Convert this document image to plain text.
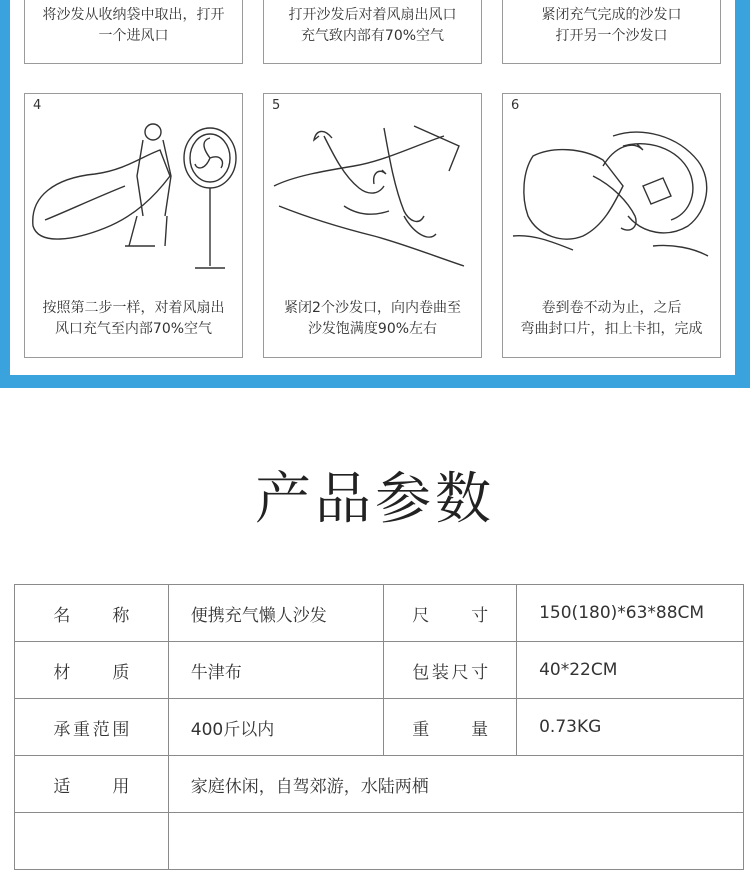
将沙发从收纳袋中取出，打开
一个进风口
打开沙发后对着风扇出风口
充气致内部有70%空气
紧闭充气完成的沙发口
打开另一个沙发口
4
按照第二步一样，对着风扇出
风口充气至内部70%空气
5
紧闭2个沙发口，向内卷曲至
沙发饱满度90%左右
6
卷到卷不动为止，之后
弯曲封口片，扣上卡扣，完成
产品参数
名　称	便携充气懒人沙发	尺　寸	150(180)*63*88CM
材　质	牛津布	包装尺寸	40*22CM
承重范围	400斤以内	重　量	0.73KG
适　用	家庭休闲，自驾郊游，水陆两栖		
